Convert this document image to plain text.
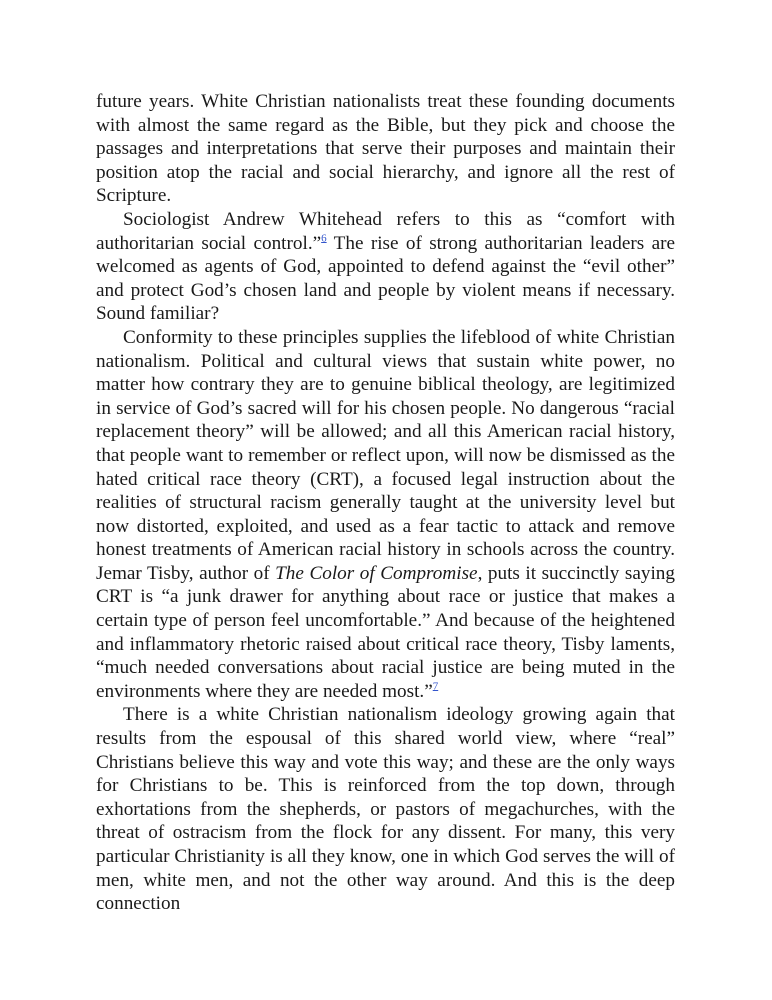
future years. White Christian nationalists treat these founding documents with almost the same regard as the Bible, but they pick and choose the passages and interpretations that serve their purposes and maintain their position atop the racial and social hierarchy, and ignore all the rest of Scripture.

Sociologist Andrew Whitehead refers to this as “comfort with authoritarian social control.”$^6$ The rise of strong authoritarian leaders are welcomed as agents of God, appointed to defend against the “evil other” and protect God’s chosen land and people by violent means if necessary. Sound familiar?

Conformity to these principles supplies the lifeblood of white Christian nationalism. Political and cultural views that sustain white power, no matter how contrary they are to genuine biblical theology, are legitimized in service of God’s sacred will for his chosen people. No dangerous “racial replacement theory” will be allowed; and all this American racial history, that people want to remember or reflect upon, will now be dismissed as the hated critical race theory (CRT), a focused legal instruction about the realities of structural racism generally taught at the university level but now distorted, exploited, and used as a fear tactic to attack and remove honest treatments of American racial history in schools across the country. Jemar Tisby, author of The Color of Compromise, puts it succinctly saying CRT is “a junk drawer for anything about race or justice that makes a certain type of person feel uncomfortable.” And because of the heightened and inflammatory rhetoric raised about critical race theory, Tisby laments, “much needed conversations about racial justice are being muted in the environments where they are needed most.”$^7$

There is a white Christian nationalism ideology growing again that results from the espousal of this shared world view, where “real” Christians believe this way and vote this way; and these are the only ways for Christians to be. This is reinforced from the top down, through exhortations from the shepherds, or pastors of megachurches, with the threat of ostracism from the flock for any dissent. For many, this very particular Christianity is all they know, one in which God serves the will of men, white men, and not the other way around. And this is the deep connection
